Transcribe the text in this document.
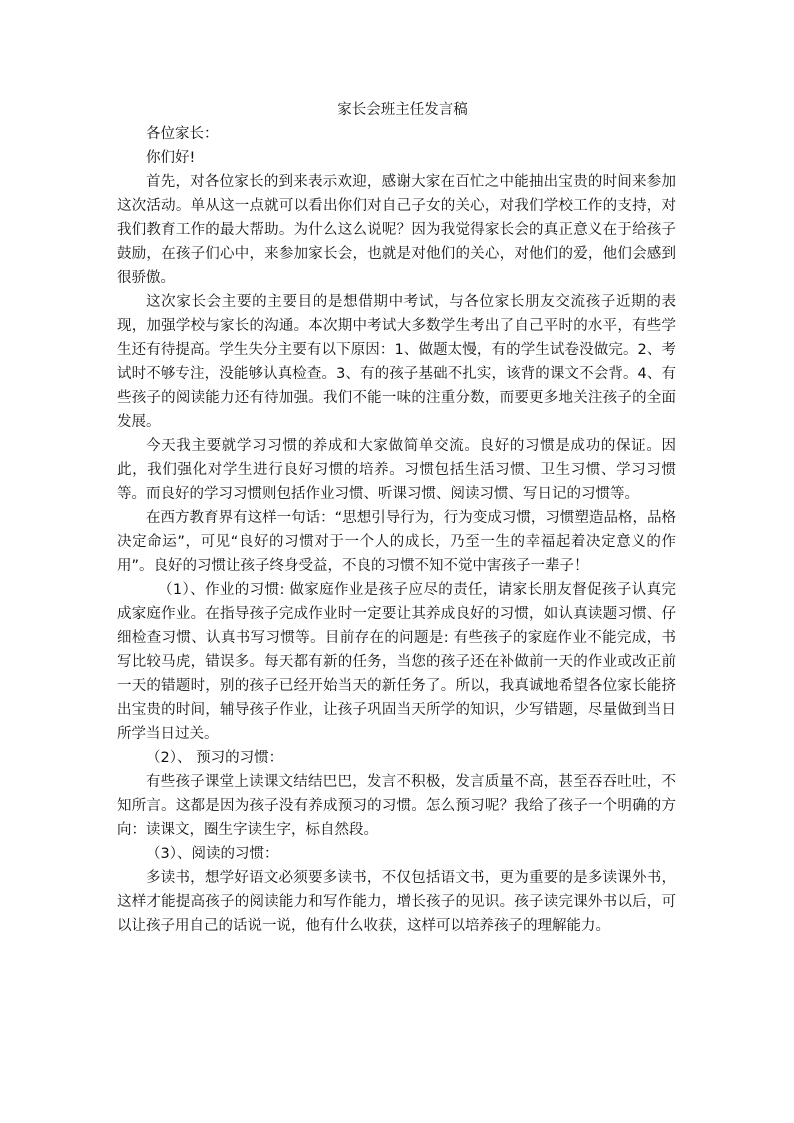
家长会班主任发言稿

各位家长：

你们好!

首先，对各位家长的到来表示欢迎，感谢大家在百忙之中能抽出宝贵的时间来参加这次活动。单从这一点就可以看出你们对自己子女的关心，对我们学校工作的支持，对我们教育工作的最大帮助。为什么这么说呢？因为我觉得家长会的真正意义在于给孩子鼓励，在孩子们心中，来参加家长会，也就是对他们的关心，对他们的爱，他们会感到很骄傲。

这次家长会主要的主要目的是想借期中考试，与各位家长朋友交流孩子近期的表现，加强学校与家长的沟通。本次期中考试大多数学生考出了自己平时的水平，有些学生还有待提高。学生失分主要有以下原因：1、做题太慢，有的学生试卷没做完。2、考试时不够专注，没能够认真检查。3、有的孩子基础不扎实，该背的课文不会背。4、有些孩子的阅读能力还有待加强。我们不能一味的注重分数，而要更多地关注孩子的全面发展。

今天我主要就学习习惯的养成和大家做简单交流。良好的习惯是成功的保证。因此，我们强化对学生进行良好习惯的培养。习惯包括生活习惯、卫生习惯、学习习惯等。而良好的学习习惯则包括作业习惯、听课习惯、阅读习惯、写日记的习惯等。

在西方教育界有这样一句话：“思想引导行为，行为变成习惯，习惯塑造品格，品格决定命运”，可见“良好的习惯对于一个人的成长，乃至一生的幸福起着决定意义的作用”。良好的习惯让孩子终身受益，不良的习惯不知不觉中害孩子一辈子！

（1）、作业的习惯: 做家庭作业是孩子应尽的责任，请家长朋友督促孩子认真完成家庭作业。在指导孩子完成作业时一定要让其养成良好的习惯，如认真读题习惯、仔细检查习惯、认真书写习惯等。目前存在的问题是: 有些孩子的家庭作业不能完成，书写比较马虎，错误多。每天都有新的任务，当您的孩子还在补做前一天的作业或改正前一天的错题时，别的孩子已经开始当天的新任务了。所以，我真诚地希望各位家长能挤出宝贵的时间，辅导孩子作业，让孩子巩固当天所学的知识，少写错题，尽量做到当日所学当日过关。

（2）、 预习的习惯：

有些孩子课堂上读课文结结巴巴，发言不积极，发言质量不高，甚至吞吞吐吐，不知所言。这都是因为孩子没有养成预习的习惯。怎么预习呢？我给了孩子一个明确的方向：读课文，圈生字读生字，标自然段。

（3）、阅读的习惯：

多读书，想学好语文必须要多读书，不仅包括语文书，更为重要的是多读课外书，这样才能提高孩子的阅读能力和写作能力，增长孩子的见识。孩子读完课外书以后，可以让孩子用自己的话说一说，他有什么收获，这样可以培养孩子的理解能力。
